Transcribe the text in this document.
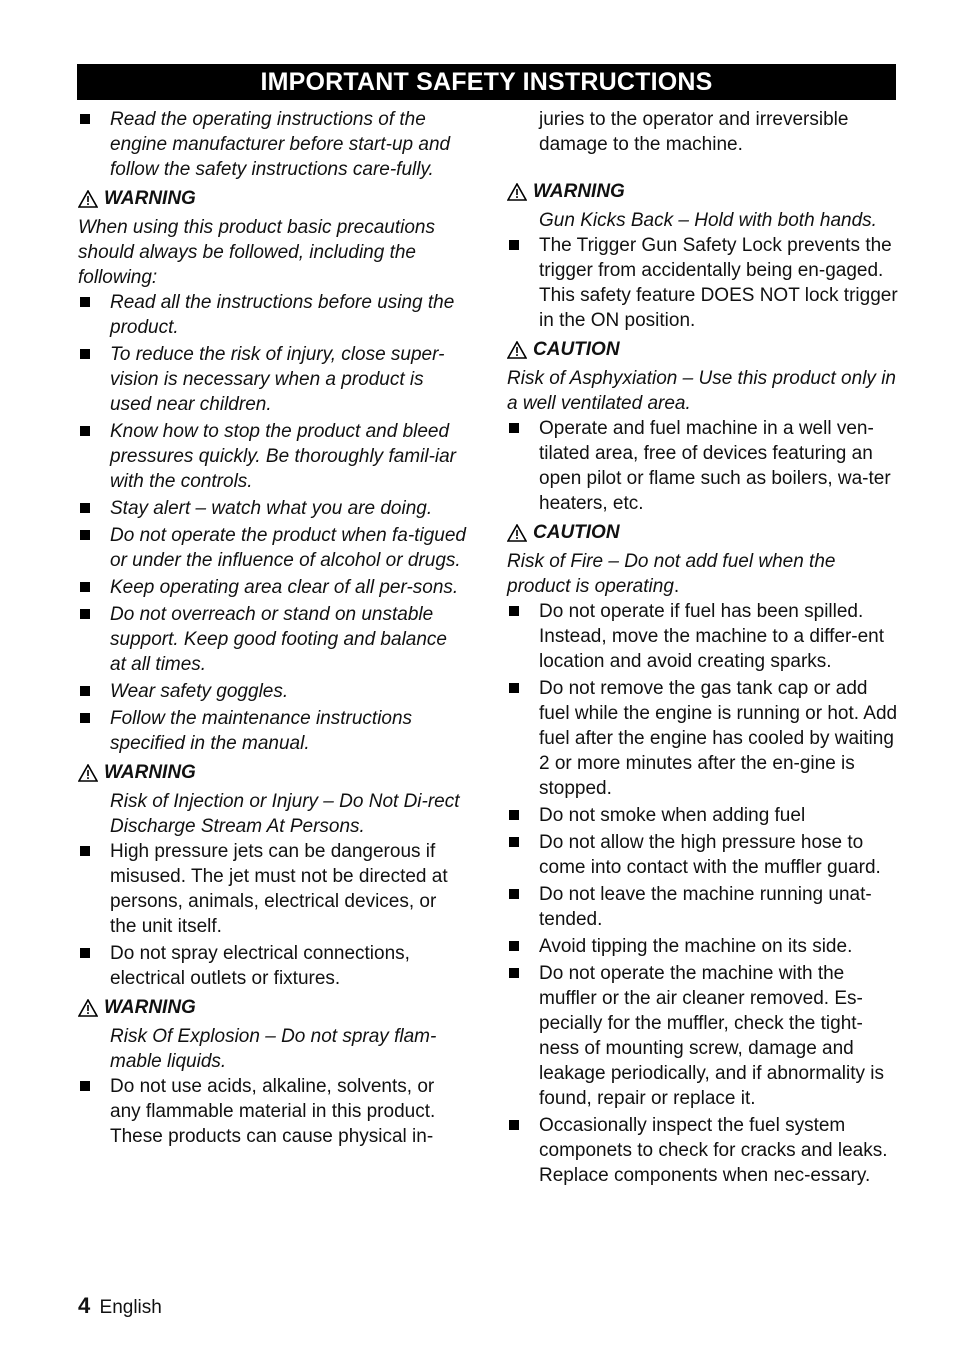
IMPORTANT SAFETY INSTRUCTIONS
Read the operating instructions of the engine manufacturer before start-up and follow the safety instructions care-fully.
WARNING
When using this product basic precautions should always be followed, including the following:
Read all the instructions before using the product.
To reduce the risk of injury, close super-vision is necessary when a product is used near children.
Know how to stop the product and bleed pressures quickly. Be thoroughly famil-iar with the controls.
Stay alert – watch what you are doing.
Do not operate the product when fa-tigued or under the influence of alcohol or drugs.
Keep operating area clear of all per-sons.
Do not overreach or stand on unstable support. Keep good footing and balance at all times.
Wear safety goggles.
Follow the maintenance instructions specified in the manual.
WARNING
Risk of Injection or Injury – Do Not Di-rect Discharge Stream At Persons.
High pressure jets can be dangerous if misused. The jet must not be directed at persons, animals, electrical devices, or the unit itself.
Do not spray electrical connections, electrical outlets or fixtures.
WARNING
Risk Of Explosion – Do not spray flam-mable liquids.
Do not use acids, alkaline, solvents, or any flammable material in this product. These products can cause physical in-
juries to the operator and irreversible damage to the machine.
WARNING
Gun Kicks Back – Hold with both hands.
The Trigger Gun Safety Lock prevents the trigger from accidentally being en-gaged. This safety feature DOES NOT lock trigger in the ON position.
CAUTION
Risk of Asphyxiation – Use this product only in a well ventilated area.
Operate and fuel machine in a well ven-tilated area, free of devices featuring an open pilot or flame such as boilers, wa-ter heaters, etc.
CAUTION
Risk of Fire – Do not add fuel when the product is operating.
Do not operate if fuel has been spilled. Instead, move the machine to a differ-ent location and avoid creating sparks.
Do not remove the gas tank cap or add fuel while the engine is running or hot. Add fuel after the engine has cooled by waiting 2 or more minutes after the en-gine is stopped.
Do not smoke when adding fuel
Do not allow the high pressure hose to come into contact with the muffler guard.
Do not leave the machine running unat-tended.
Avoid tipping the machine on its side.
Do not operate the machine with the muffler or the air cleaner removed. Es-pecially for the muffler, check the tight-ness of mounting screw, damage and leakage periodically, and if abnormality is found, repair or replace it.
Occasionally inspect the fuel system componets to check for cracks and leaks. Replace components when nec-essary.
4 English
